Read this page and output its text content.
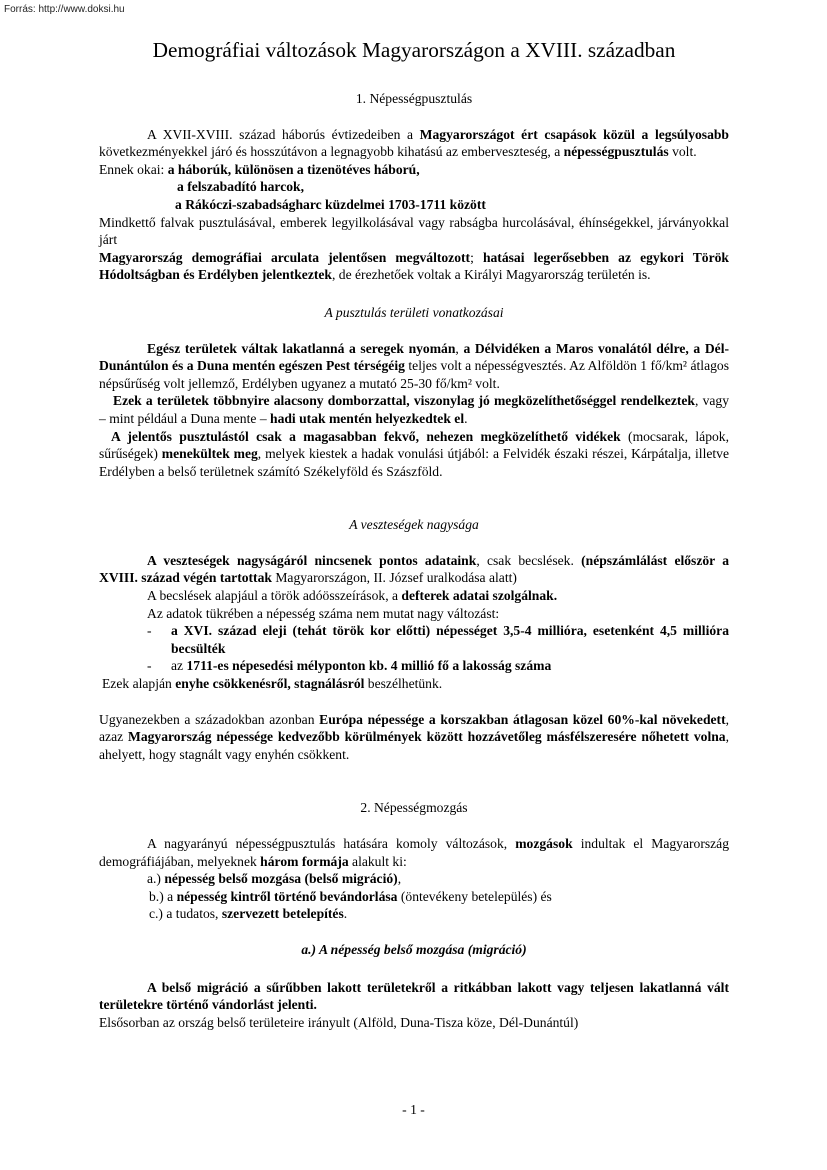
Forrás: http://www.doksi.hu
Demográfiai változások Magyarországon a XVIII. században

1. Népességpusztulás

A XVII-XVIII. század háborús évtizedeiben a Magyarországot ért csapások közül a legsúlyosabb következményekkel járó és hosszútávon a legnagyobb kihatású az emberveszteség, a népességpusztulás volt.

Ennek okai: a háborúk, különösen a tizenötéves háború,

a felszabadító harcok,

a Rákóczi-szabadságharc küzdelmei 1703-1711 között

Mindkettő falvak pusztulásával, emberek legyilkolásával vagy rabságba hurcolásával, éhínségekkel, járványokkal járt

Magyarország demográfiai arculata jelentősen megváltozott; hatásai legerősebben az egykori Török Hódoltságban és Erdélyben jelentkeztek, de érezhetőek voltak a Királyi Magyarország területén is.

A pusztulás területi vonatkozásai

Egész területek váltak lakatlanná a seregek nyomán, a Délvidéken a Maros vonalától délre, a Dél-Dunántúlon és a Duna mentén egészen Pest térségéig teljes volt a népességvesztés. Az Alföldön 1 fő/km² átlagos népsűrűség volt jellemző, Erdélyben ugyanez a mutató 25-30 fő/km² volt.

Ezek a területek többnyire alacsony domborzattal, viszonylag jó megközelíthetőséggel rendelkeztek, vagy – mint például a Duna mente – hadi utak mentén helyezkedtek el.

A jelentős pusztulástól csak a magasabban fekvő, nehezen megközelíthető vidékek (mocsarak, lápok, sűrűségek) menekültek meg, melyek kiestek a hadak vonulási útjából: a Felvidék északi részei, Kárpátalja, illetve Erdélyben a belső területnek számító Székelyföld és Szászföld.

A veszteségek nagysága

A veszteségek nagyságáról nincsenek pontos adataink, csak becslések. (népszámlálást először a XVIII. század végén tartottak Magyarországon, II. József uralkodása alatt)

A becslések alapjául a török adóösszeírások, a defterek adatai szolgálnak.

Az adatok tükrében a népesség száma nem mutat nagy változást:

-	a XVI. század eleji (tehát török kor előtti) népességet 3,5-4 millióra, esetenként 4,5 millióra becsülték
-	az 1711-es népesedési mélyponton kb. 4 millió fő a lakosság száma

Ezek alapján enyhe csökkenésről, stagnálásról beszélhetünk.

Ugyanezekben a századokban azonban Európa népessége a korszakban átlagosan közel 60%-kal növekedett, azaz Magyarország népessége kedvezőbb körülmények között hozzávetőleg másfélszeresére nőhetett volna, ahelyett, hogy stagnált vagy enyhén csökkent.

2. Népességmozgás

A nagyarányú népességpusztulás hatására komoly változások, mozgások indultak el Magyarország demográfiájában, melyeknek három formája alakult ki:

a.) népesség belső mozgása (belső migráció),

b.) a népesség kintről történő bevándorlása (öntevékeny betelepülés) és

c.) a tudatos, szervezett betelepítés.

a.) A népesség belső mozgása (migráció)

A belső migráció a sűrűbben lakott területekről a ritkábban lakott vagy teljesen lakatlanná vált területekre történő vándorlást jelenti.

Elsősorban az ország belső területeire irányult (Alföld, Duna-Tisza köze, Dél-Dunántúl)

- 1 -
